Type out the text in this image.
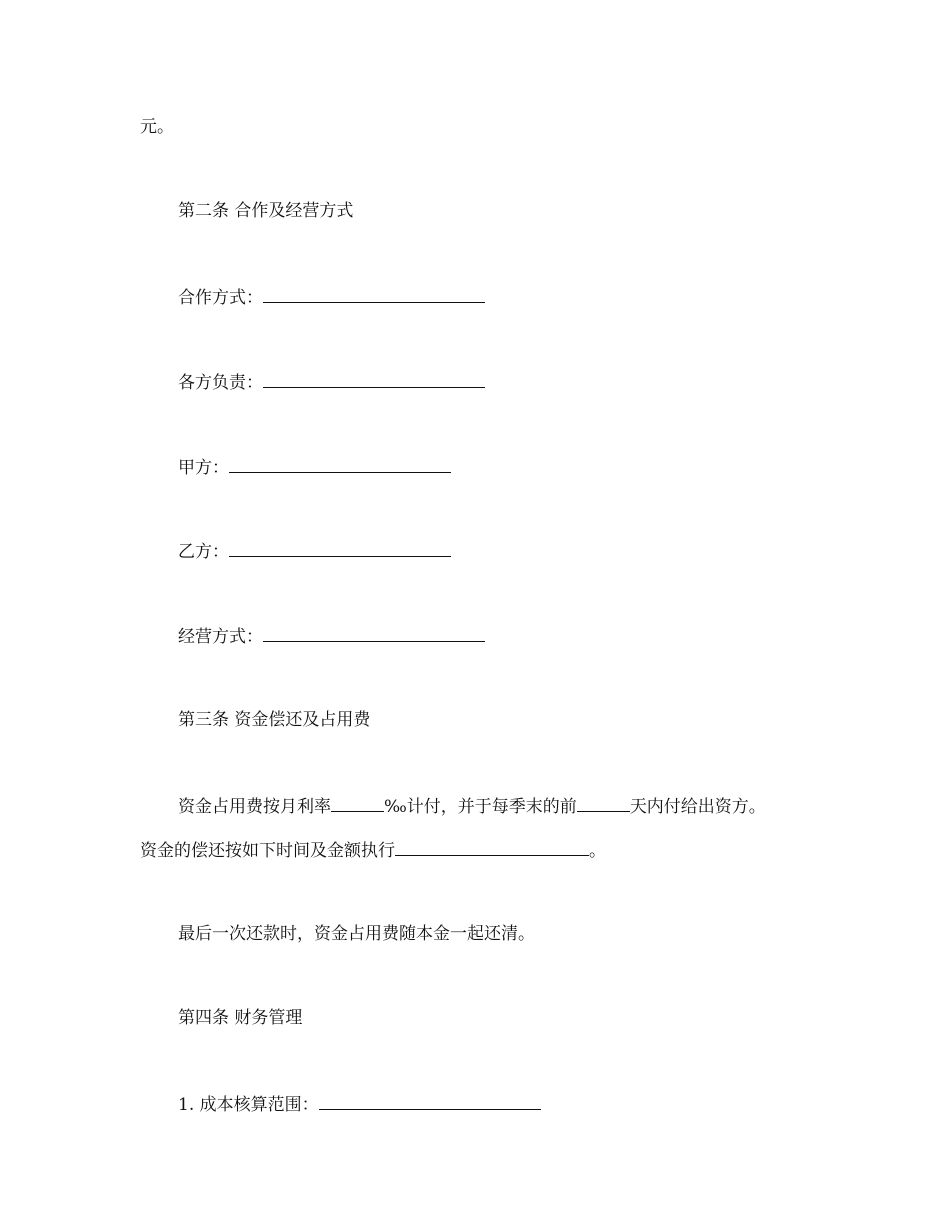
元。
第二条 合作及经营方式
合作方式：
各方负责：
甲方：
乙方：
经营方式：
第三条 资金偿还及占用费
资金占用费按月利率	‰计付，并于每季末的前	天内付给出资方。
资金的偿还按如下时间及金额执行	。
最后一次还款时，资金占用费随本金一起还清。
第四条 财务管理
1. 成本核算范围：
